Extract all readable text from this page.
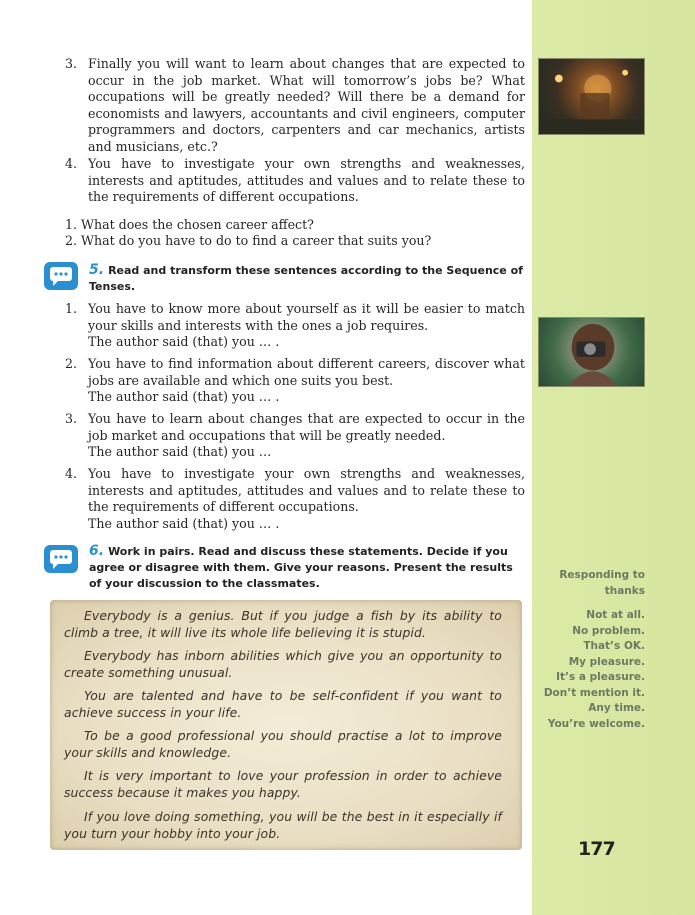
Responding to thanks
Not at all.
No problem.
That’s OK.
My pleasure.
It’s a pleasure.
Don’t mention it.
Any time.
You’re welcome.
177
3. Finally you will want to learn about changes that are expected to occur in the job market. What will tomorrow’s jobs be? What occupations will be greatly needed? Will there be a demand for economists and lawyers, accountants and civil engineers, computer programmers and doctors, carpenters and car mechanics, artists and musicians, etc.?
4. You have to investigate your own strengths and weaknesses, interests and aptitudes, attitudes and values and to relate these to the requirements of different occupations.
1. What does the chosen career affect?
2. What do you have to do to find a career that suits you?
5. Read and transform these sentences according to the Sequence of Tenses.
1. You have to know more about yourself as it will be easier to match your skills and interests with the ones a job requires.
The author said (that) you … .
2. You have to find information about different careers, discover what jobs are available and which one suits you best.
The author said (that) you … .
3. You have to learn about changes that are expected to occur in the job market and occupations that will be greatly needed.
The author said (that) you …
4. You have to investigate your own strengths and weaknesses, interests and aptitudes, attitudes and values and to relate these to the requirements of different occupations.
The author said (that) you … .
6. Work in pairs. Read and discuss these statements. Decide if you agree or disagree with them. Give your reasons. Present the results of your discussion to the classmates.
Everybody is a genius. But if you judge a fish by its ability to climb a tree, it will live its whole life believing it is stupid.
Everybody has inborn abilities which give you an opportunity to create something unusual.
You are talented and have to be self-confident if you want to achieve success in your life.
To be a good professional you should practise a lot to improve your skills and knowledge.
It is very important to love your profession in order to achieve success because it makes you happy.
If you love doing something, you will be the best in it especially if you turn your hobby into your job.
